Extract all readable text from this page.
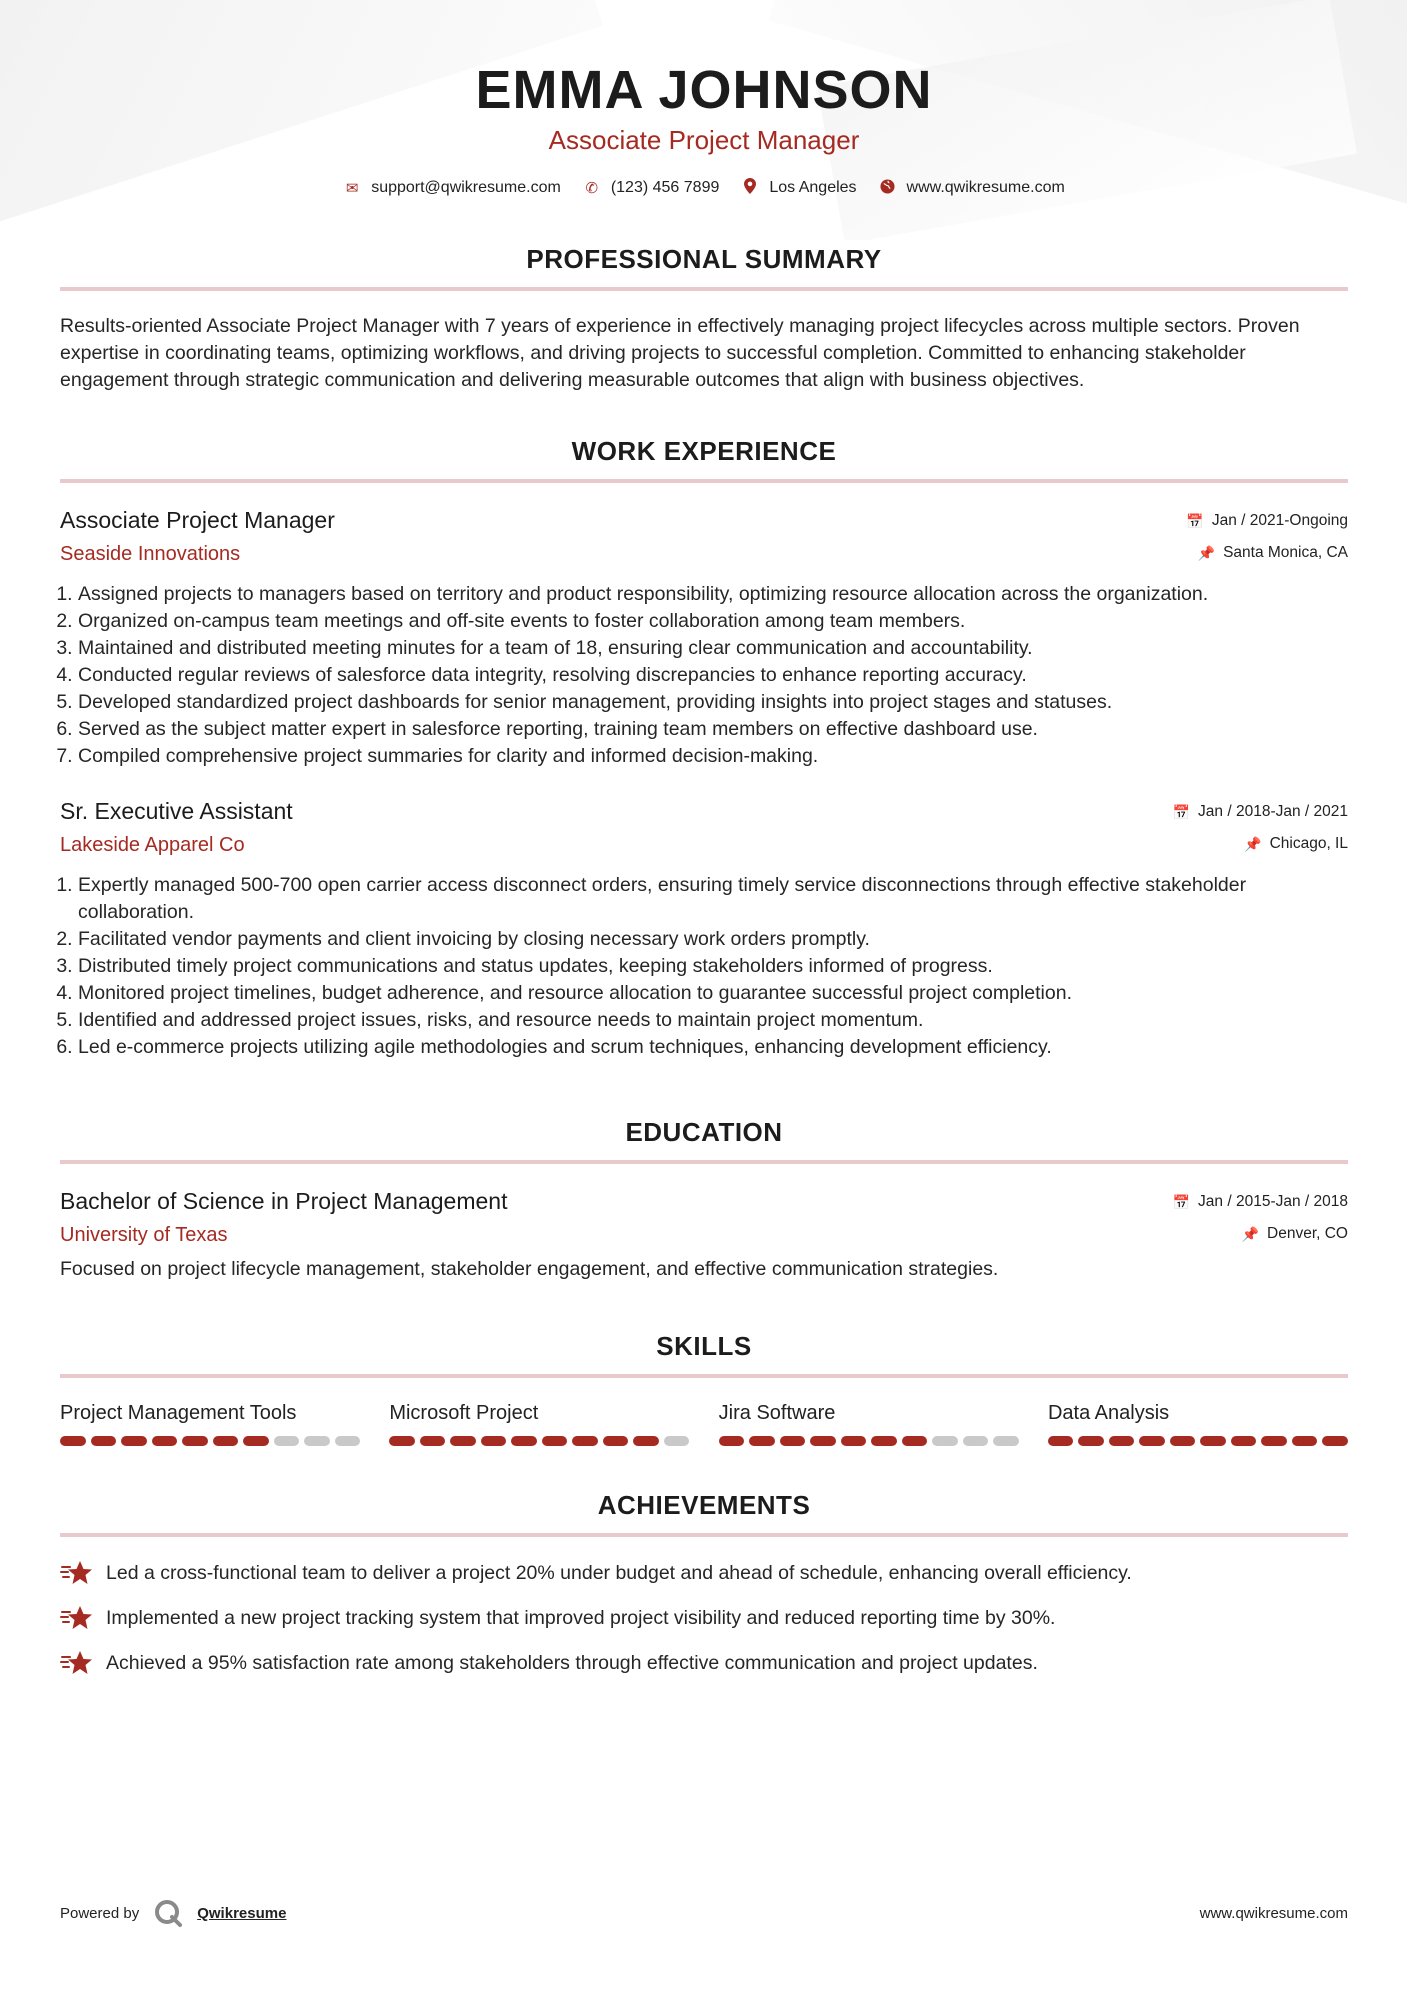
EMMA JOHNSON
Associate Project Manager
✉ support@qwikresume.com ✆ (123) 456 7899	Los Angeles	www.qwikresume.com
PROFESSIONAL SUMMARY

Results-oriented Associate Project Manager with 7 years of experience in effectively managing project lifecycles across multiple sectors. Proven expertise in coordinating teams, optimizing workflows, and driving projects to successful completion. Committed to enhancing stakeholder engagement through strategic communication and delivering measurable outcomes that align with business objectives.

WORK EXPERIENCE
Associate Project Manager
Seaside Innovations
📅 Jan / 2021-Ongoing
📌 Santa Monica, CA
1. Assigned projects to managers based on territory and product responsibility, optimizing resource allocation across the organization.
2. Organized on-campus team meetings and off-site events to foster collaboration among team members.
3. Maintained and distributed meeting minutes for a team of 18, ensuring clear communication and accountability.
4. Conducted regular reviews of salesforce data integrity, resolving discrepancies to enhance reporting accuracy.
5. Developed standardized project dashboards for senior management, providing insights into project stages and statuses.
6. Served as the subject matter expert in salesforce reporting, training team members on effective dashboard use.
7. Compiled comprehensive project summaries for clarity and informed decision-making.
Sr. Executive Assistant
Lakeside Apparel Co
📅 Jan / 2018-Jan / 2021
📌 Chicago, IL
1. Expertly managed 500-700 open carrier access disconnect orders, ensuring timely service disconnections through effective stakeholder collaboration.
2. Facilitated vendor payments and client invoicing by closing necessary work orders promptly.
3. Distributed timely project communications and status updates, keeping stakeholders informed of progress.
4. Monitored project timelines, budget adherence, and resource allocation to guarantee successful project completion.
5. Identified and addressed project issues, risks, and resource needs to maintain project momentum.
6. Led e-commerce projects utilizing agile methodologies and scrum techniques, enhancing development efficiency.
EDUCATION
Bachelor of Science in Project Management
University of Texas
📅 Jan / 2015-Jan / 2018
📌 Denver, CO

Focused on project lifecycle management, stakeholder engagement, and effective communication strategies.

SKILLS
Project Management Tools	Microsoft Project	Jira Software	Data Analysis
ACHIEVEMENTS
Led a cross-functional team to deliver a project 20% under budget and ahead of schedule, enhancing overall efficiency.
Implemented a new project tracking system that improved project visibility and reduced reporting time by 30%.
Achieved a 95% satisfaction rate among stakeholders through effective communication and project updates.
Powered by	Qwikresume	www.qwikresume.com
